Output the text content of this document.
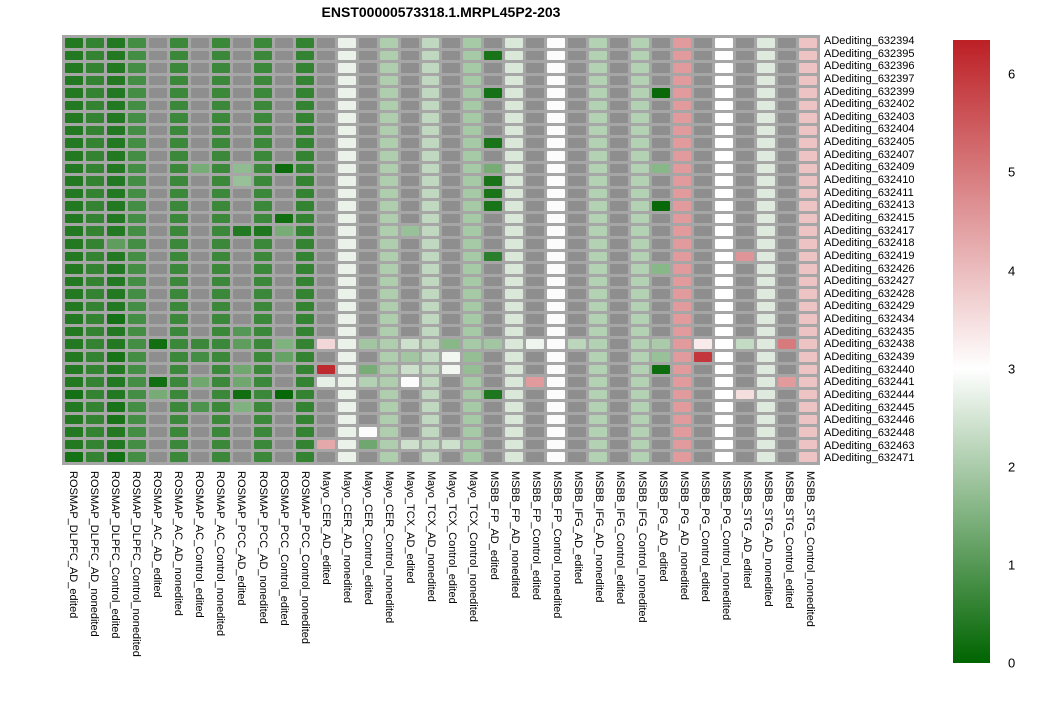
ENST00000573318.1.MRPL45P2-203
ADediting_632394
ADediting_632395
ADediting_632396
ADediting_632397
ADediting_632399
ADediting_632402
ADediting_632403
ADediting_632404
ADediting_632405
ADediting_632407
ADediting_632409
ADediting_632410
ADediting_632411
ADediting_632413
ADediting_632415
ADediting_632417
ADediting_632418
ADediting_632419
ADediting_632426
ADediting_632427
ADediting_632428
ADediting_632429
ADediting_632434
ADediting_632435
ADediting_632438
ADediting_632439
ADediting_632440
ADediting_632441
ADediting_632444
ADediting_632445
ADediting_632446
ADediting_632448
ADediting_632463
ADediting_632471
ROSMAP_DLPFC_AD_edited ROSMAP_DLPFC_AD_nonedited ROSMAP_DLPFC_Control_edited ROSMAP_DLPFC_Control_nonedited ROSMAP_AC_AD_edited ROSMAP_AC_AD_nonedited ROSMAP_AC_Control_edited ROSMAP_AC_Control_nonedited ROSMAP_PCC_AD_edited ROSMAP_PCC_AD_nonedited ROSMAP_PCC_Control_edited ROSMAP_PCC_Control_nonedited Mayo_CER_AD_edited Mayo_CER_AD_nonedited Mayo_CER_Control_edited Mayo_CER_Control_nonedited Mayo_TCX_AD_edited Mayo_TCX_AD_nonedited Mayo_TCX_Control_edited Mayo_TCX_Control_nonedited MSBB_FP_AD_edited MSBB_FP_AD_nonedited MSBB_FP_Control_edited MSBB_FP_Control_nonedited MSBB_IFG_AD_edited MSBB_IFG_AD_nonedited MSBB_IFG_Control_edited MSBB_IFG_Control_nonedited MSBB_PG_AD_edited MSBB_PG_AD_nonedited MSBB_PG_Control_edited MSBB_PG_Control_nonedited MSBB_STG_AD_edited MSBB_STG_AD_nonedited MSBB_STG_Control_edited MSBB_STG_Control_nonedited
0
1
2
3
4
5
6
